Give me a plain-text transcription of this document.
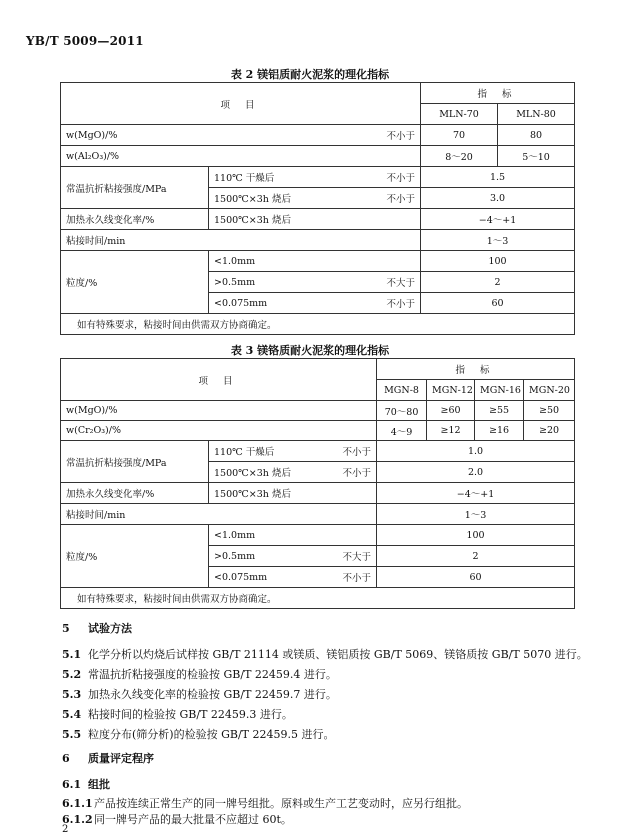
YB/T 5009—2011
表 2 镁铝质耐火泥浆的理化指标
项 目			指 标	
			MLN-70	MLN-80
w(MgO)/%		不小于	70	80
w(Al₂O₃)/%			8～20	5～10
常温抗折粘接强度/MPa	110℃ 干燥后	不小于	1.5	
	1500℃×3h 烧后	不小于	3.0	
加热永久线变化率/%	1500℃×3h 烧后		−4～+1	
粘接时间/min			1～3	
粒度/%	<1.0mm		100	
	>0.5mm	不大于	2	
	<0.075mm	不小于	60	
如有特殊要求，粘接时间由供需双方协商确定。				
表 3 镁铬质耐火泥浆的理化指标
项 目			指 标			
			MGN-8	MGN-12	MGN-16	MGN-20
w(MgO)/%			70～80	≥60	≥55	≥50
w(Cr₂O₃)/%			4～9	≥12	≥16	≥20
常温抗折粘接强度/MPa	110℃ 干燥后	不小于	1.0			
	1500℃×3h 烧后	不小于	2.0			
加热永久线变化率/%	1500℃×3h 烧后		−4～+1			
粘接时间/min			1～3			
粒度/%	<1.0mm		100			
	>0.5mm	不大于	2			
	<0.075mm	不小于	60			
如有特殊要求，粘接时间由供需双方协商确定。						
5 试验方法
5.1 化学分析以灼烧后试样按 GB/T 21114 或镁质、镁铝质按 GB/T 5069、镁铬质按 GB/T 5070 进行。
5.2 常温抗折粘接强度的检验按 GB/T 22459.4 进行。
5.3 加热永久线变化率的检验按 GB/T 22459.7 进行。
5.4 粘接时间的检验按 GB/T 22459.3 进行。
5.5 粒度分布(筛分析)的检验按 GB/T 22459.5 进行。
6 质量评定程序
6.1 组批
6.1.1产品按连续正常生产的同一牌号组批。原料或生产工艺变动时，应另行组批。
6.1.2同一牌号产品的最大批量不应超过 60t。
2
